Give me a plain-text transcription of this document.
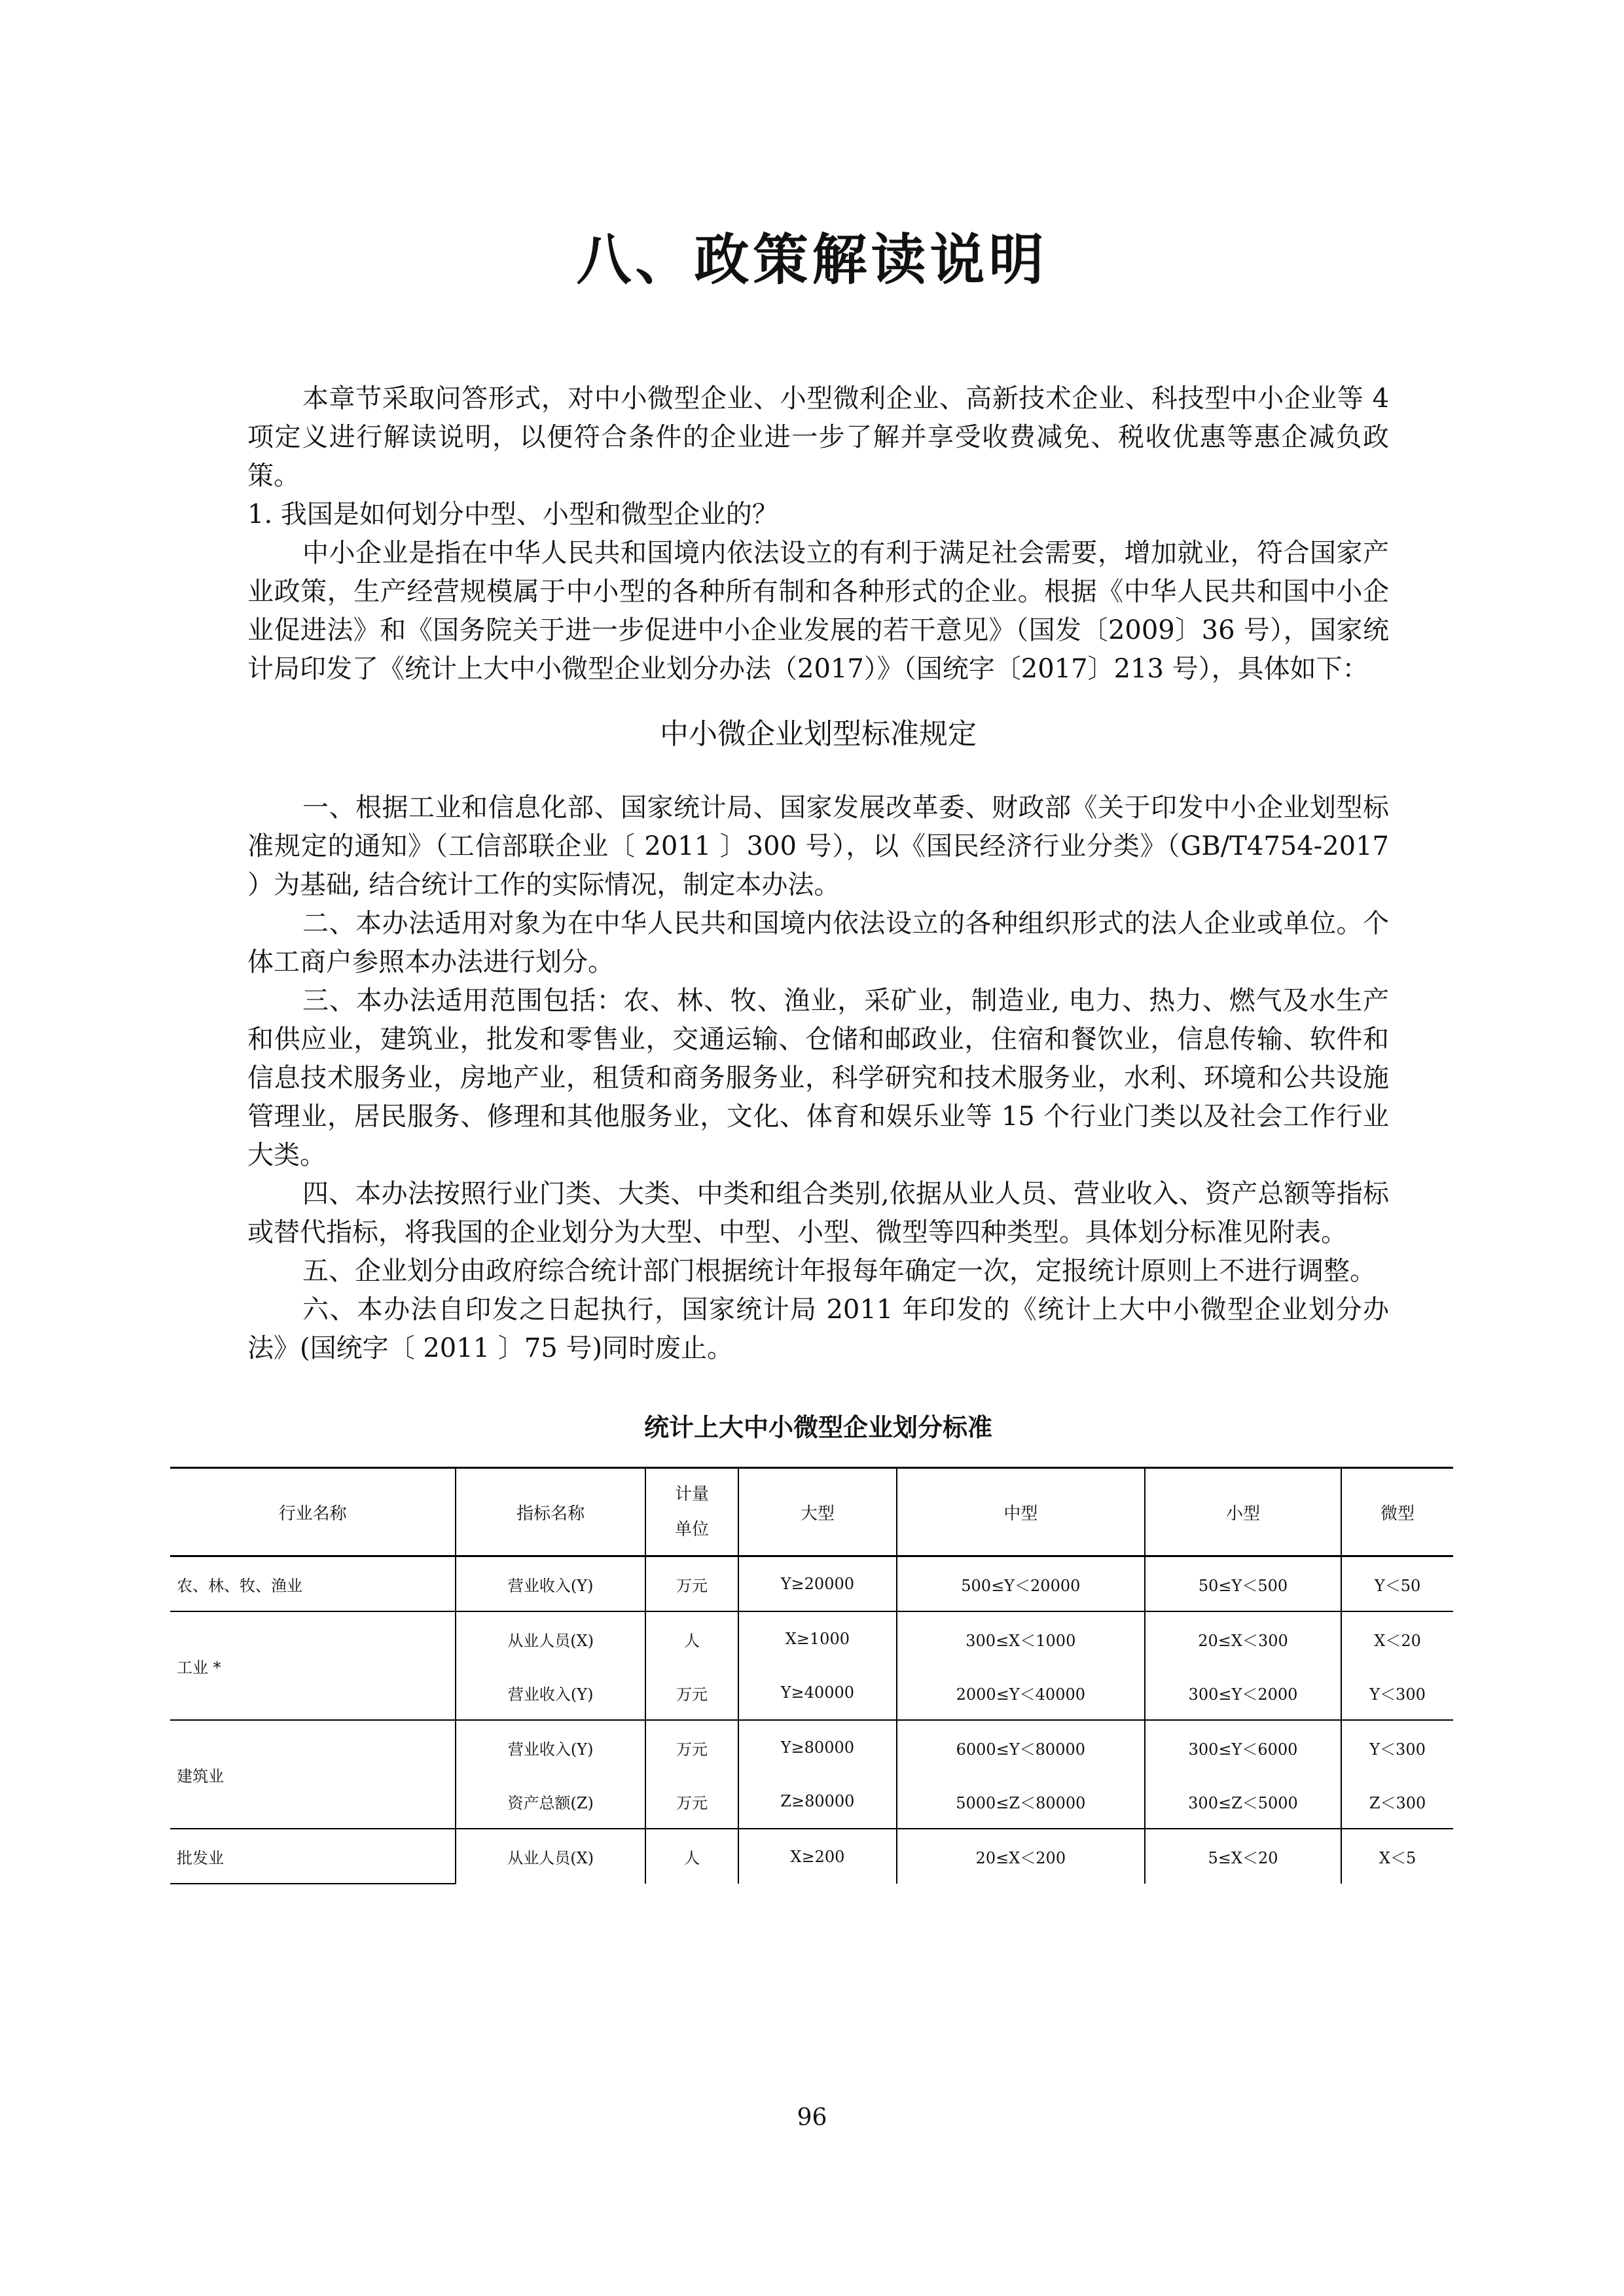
八、政策解读说明

本章节采取问答形式，对中小微型企业、小型微利企业、高新技术企业、科技型中小企业等 4 项定义进行解读说明，以便符合条件的企业进一步了解并享受收费减免、税收优惠等惠企减负政策。

1. 我国是如何划分中型、小型和微型企业的？

中小企业是指在中华人民共和国境内依法设立的有利于满足社会需要，增加就业，符合国家产业政策，生产经营规模属于中小型的各种所有制和各种形式的企业。根据《中华人民共和国中小企业促进法》和《国务院关于进一步促进中小企业发展的若干意见》（国发〔2009〕36 号），国家统计局印发了《统计上大中小微型企业划分办法（2017）》（国统字〔2017〕213 号），具体如下：

中小微企业划型标准规定

一、根据工业和信息化部、国家统计局、国家发展改革委、财政部《关于印发中小企业划型标准规定的通知》（工信部联企业〔 2011 〕300 号），以《国民经济行业分类》（GB/T4754-2017 ）为基础, 结合统计工作的实际情况，制定本办法。

二、本办法适用对象为在中华人民共和国境内依法设立的各种组织形式的法人企业或单位。个体工商户参照本办法进行划分。

三、本办法适用范围包括：农、林、牧、渔业，采矿业，制造业, 电力、热力、燃气及水生产和供应业，建筑业，批发和零售业，交通运输、仓储和邮政业，住宿和餐饮业，信息传输、软件和信息技术服务业，房地产业，租赁和商务服务业，科学研究和技术服务业，水利、环境和公共设施管理业，居民服务、修理和其他服务业，文化、体育和娱乐业等 15 个行业门类以及社会工作行业大类。

四、本办法按照行业门类、大类、中类和组合类别,依据从业人员、营业收入、资产总额等指标或替代指标，将我国的企业划分为大型、中型、小型、微型等四种类型。具体划分标准见附表。

五、企业划分由政府综合统计部门根据统计年报每年确定一次，定报统计原则上不进行调整。

六、本办法自印发之日起执行，国家统计局 2011 年印发的《统计上大中小微型企业划分办法》(国统字〔 2011 〕75 号)同时废止。

统计上大中小微型企业划分标准
行业名称	指标名称	计量
单位	大型	中型	小型	微型
农、林、牧、渔业	营业收入(Y)	万元	Y≥20000	500≤Y＜20000	50≤Y＜500	Y＜50
工业 *	从业人员(X)	人	X≥1000	300≤X＜1000	20≤X＜300	X＜20
	营业收入(Y)	万元	Y≥40000	2000≤Y＜40000	300≤Y＜2000	Y＜300
建筑业	营业收入(Y)	万元	Y≥80000	6000≤Y＜80000	300≤Y＜6000	Y＜300
	资产总额(Z)	万元	Z≥80000	5000≤Z＜80000	300≤Z＜5000	Z＜300
批发业	从业人员(X)	人	X≥200	20≤X＜200	5≤X＜20	X＜5
96
